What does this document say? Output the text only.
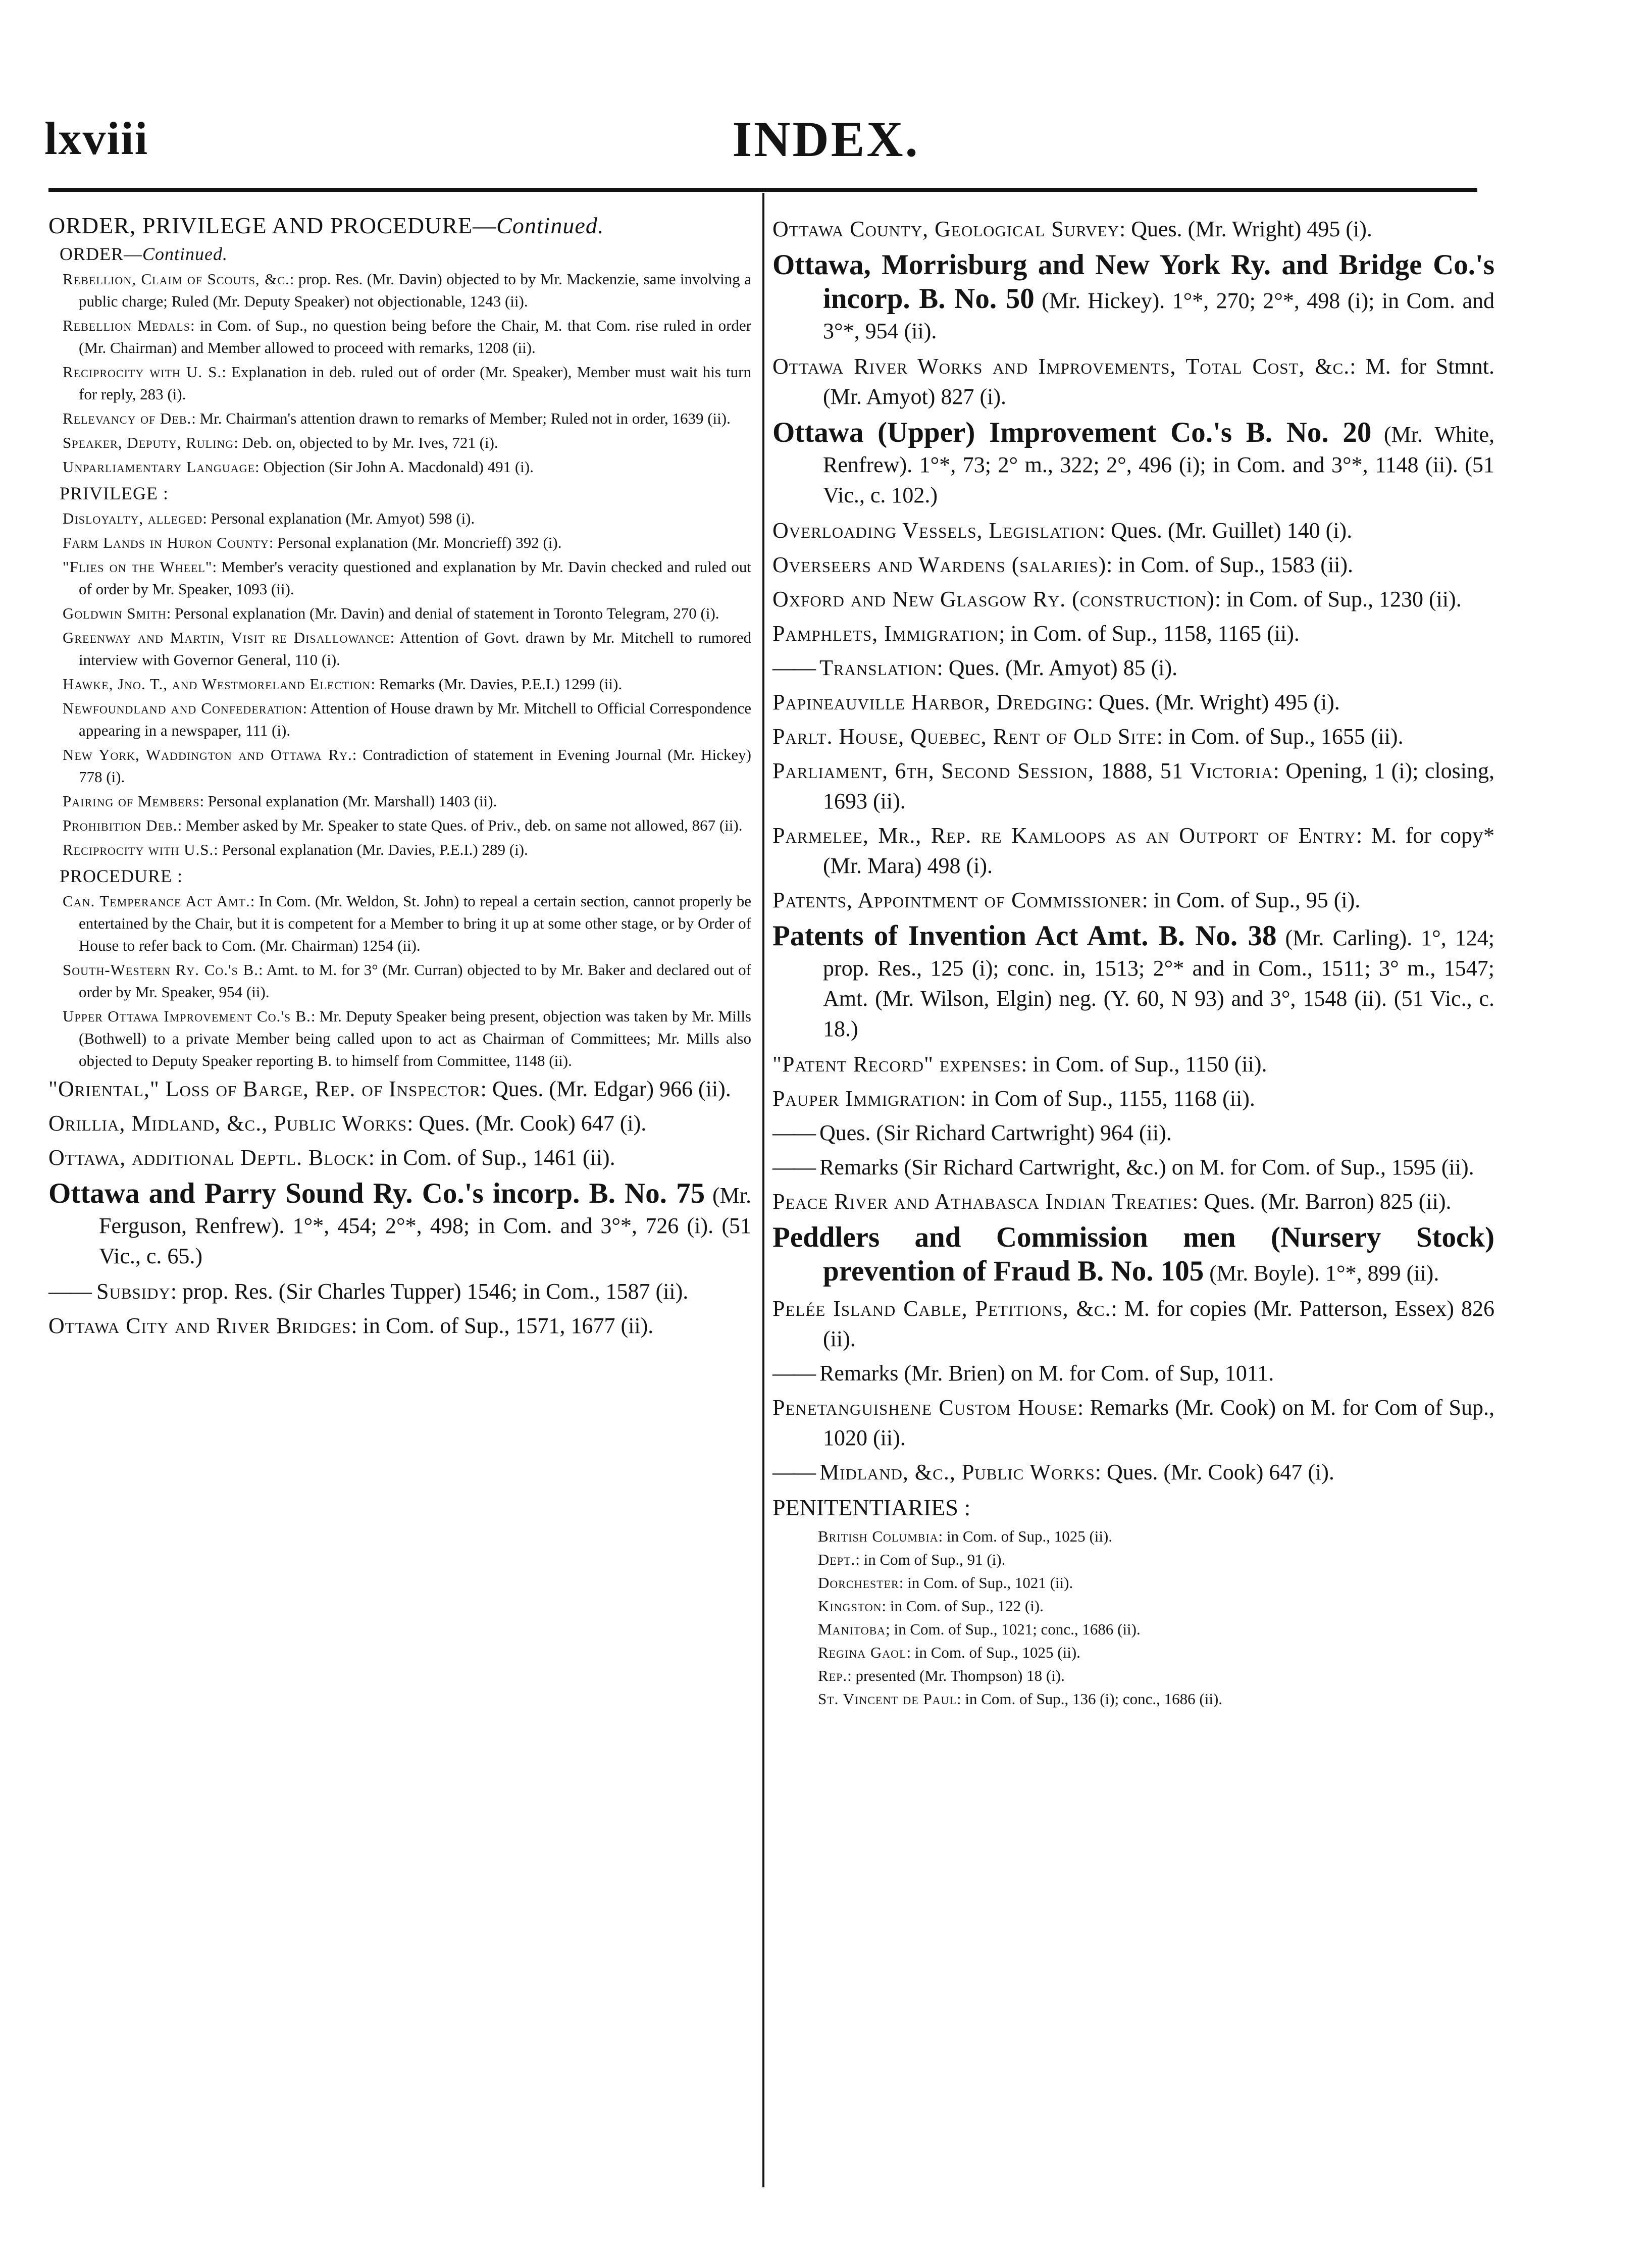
lxviii	INDEX.
ORDER, PRIVILEGE AND PROCEDURE—Continued.
ORDER—Continued.
Rebellion, Claim of Scouts, &c.: prop. Res. (Mr. Davin) objected to by Mr. Mackenzie, same involving a public charge; Ruled (Mr. Deputy Speaker) not objectionable, 1243 (ii).
Rebellion Medals: in Com. of Sup., no question being before the Chair, M. that Com. rise ruled in order (Mr. Chairman) and Member allowed to proceed with remarks, 1208 (ii).
Reciprocity with U. S.: Explanation in deb. ruled out of order (Mr. Speaker), Member must wait his turn for reply, 283 (i).
Relevancy of Deb.: Mr. Chairman's attention drawn to remarks of Member; Ruled not in order, 1639 (ii).
Speaker, Deputy, Ruling: Deb. on, objected to by Mr. Ives, 721 (i).
Unparliamentary Language: Objection (Sir John A. Macdonald) 491 (i).
PRIVILEGE :
Disloyalty, alleged: Personal explanation (Mr. Amyot) 598 (i).
Farm Lands in Huron County: Personal explanation (Mr. Moncrieff) 392 (i).
"Flies on the Wheel": Member's veracity questioned and explanation by Mr. Davin checked and ruled out of order by Mr. Speaker, 1093 (ii).
Goldwin Smith: Personal explanation (Mr. Davin) and denial of statement in Toronto Telegram, 270 (i).
Greenway and Martin, Visit re Disallowance: Attention of Govt. drawn by Mr. Mitchell to rumored interview with Governor General, 110 (i).
Hawke, Jno. T., and Westmoreland Election: Remarks (Mr. Davies, P.E.I.) 1299 (ii).
Newfoundland and Confederation: Attention of House drawn by Mr. Mitchell to Official Correspondence appearing in a newspaper, 111 (i).
New York, Waddington and Ottawa Ry.: Contradiction of statement in Evening Journal (Mr. Hickey) 778 (i).
Pairing of Members: Personal explanation (Mr. Marshall) 1403 (ii).
Prohibition Deb.: Member asked by Mr. Speaker to state Ques. of Priv., deb. on same not allowed, 867 (ii).
Reciprocity with U.S.: Personal explanation (Mr. Davies, P.E.I.) 289 (i).
PROCEDURE :
Can. Temperance Act Amt.: In Com. (Mr. Weldon, St. John) to repeal a certain section, cannot properly be entertained by the Chair, but it is competent for a Member to bring it up at some other stage, or by Order of House to refer back to Com. (Mr. Chairman) 1254 (ii).
South-Western Ry. Co.'s B.: Amt. to M. for 3° (Mr. Curran) objected to by Mr. Baker and declared out of order by Mr. Speaker, 954 (ii).
Upper Ottawa Improvement Co.'s B.: Mr. Deputy Speaker being present, objection was taken by Mr. Mills (Bothwell) to a private Member being called upon to act as Chairman of Committees; Mr. Mills also objected to Deputy Speaker reporting B. to himself from Committee, 1148 (ii).
"Oriental," Loss of Barge, Rep. of Inspector: Ques. (Mr. Edgar) 966 (ii).
Orillia, Midland, &c., Public Works: Ques. (Mr. Cook) 647 (i).
Ottawa, additional Deptl. Block: in Com. of Sup., 1461 (ii).
Ottawa and Parry Sound Ry. Co.'s incorp. B. No. 75 (Mr. Ferguson, Renfrew). 1°*, 454; 2°*, 498; in Com. and 3°*, 726 (i). (51 Vic., c. 65.)
—— Subsidy: prop. Res. (Sir Charles Tupper) 1546; in Com., 1587 (ii).
Ottawa City and River Bridges: in Com. of Sup., 1571, 1677 (ii).
Ottawa County, Geological Survey: Ques. (Mr. Wright) 495 (i).
Ottawa, Morrisburg and New York Ry. and Bridge Co.'s incorp. B. No. 50 (Mr. Hickey). 1°*, 270; 2°*, 498 (i); in Com. and 3°*, 954 (ii).
Ottawa River Works and Improvements, Total Cost, &c.: M. for Stmnt. (Mr. Amyot) 827 (i).
Ottawa (Upper) Improvement Co.'s B. No. 20 (Mr. White, Renfrew). 1°*, 73; 2° m., 322; 2°, 496 (i); in Com. and 3°*, 1148 (ii). (51 Vic., c. 102.)
Overloading Vessels, Legislation: Ques. (Mr. Guillet) 140 (i).
Overseers and Wardens (salaries): in Com. of Sup., 1583 (ii).
Oxford and New Glasgow Ry. (construction): in Com. of Sup., 1230 (ii).
Pamphlets, Immigration; in Com. of Sup., 1158, 1165 (ii).
—— Translation: Ques. (Mr. Amyot) 85 (i).
Papineauville Harbor, Dredging: Ques. (Mr. Wright) 495 (i).
Parlt. House, Quebec, Rent of Old Site: in Com. of Sup., 1655 (ii).
Parliament, 6th, Second Session, 1888, 51 Victoria: Opening, 1 (i); closing, 1693 (ii).
Parmelee, Mr., Rep. re Kamloops as an Outport of Entry: M. for copy* (Mr. Mara) 498 (i).
Patents, Appointment of Commissioner: in Com. of Sup., 95 (i).
Patents of Invention Act Amt. B. No. 38 (Mr. Carling). 1°, 124; prop. Res., 125 (i); conc. in, 1513; 2°* and in Com., 1511; 3° m., 1547; Amt. (Mr. Wilson, Elgin) neg. (Y. 60, N 93) and 3°, 1548 (ii). (51 Vic., c. 18.)
"Patent Record" expenses: in Com. of Sup., 1150 (ii).
Pauper Immigration: in Com of Sup., 1155, 1168 (ii).
—— Ques. (Sir Richard Cartwright) 964 (ii).
—— Remarks (Sir Richard Cartwright, &c.) on M. for Com. of Sup., 1595 (ii).
Peace River and Athabasca Indian Treaties: Ques. (Mr. Barron) 825 (ii).
Peddlers and Commission men (Nursery Stock) prevention of Fraud B. No. 105 (Mr. Boyle). 1°*, 899 (ii).
Pelée Island Cable, Petitions, &c.: M. for copies (Mr. Patterson, Essex) 826 (ii).
—— Remarks (Mr. Brien) on M. for Com. of Sup, 1011.
Penetanguishene Custom House: Remarks (Mr. Cook) on M. for Com of Sup., 1020 (ii).
—— Midland, &c., Public Works: Ques. (Mr. Cook) 647 (i).
PENITENTIARIES :
British Columbia: in Com. of Sup., 1025 (ii).
Dept.: in Com of Sup., 91 (i).
Dorchester: in Com. of Sup., 1021 (ii).
Kingston: in Com. of Sup., 122 (i).
Manitoba; in Com. of Sup., 1021; conc., 1686 (ii).
Regina Gaol: in Com. of Sup., 1025 (ii).
Rep.: presented (Mr. Thompson) 18 (i).
St. Vincent de Paul: in Com. of Sup., 136 (i); conc., 1686 (ii).
